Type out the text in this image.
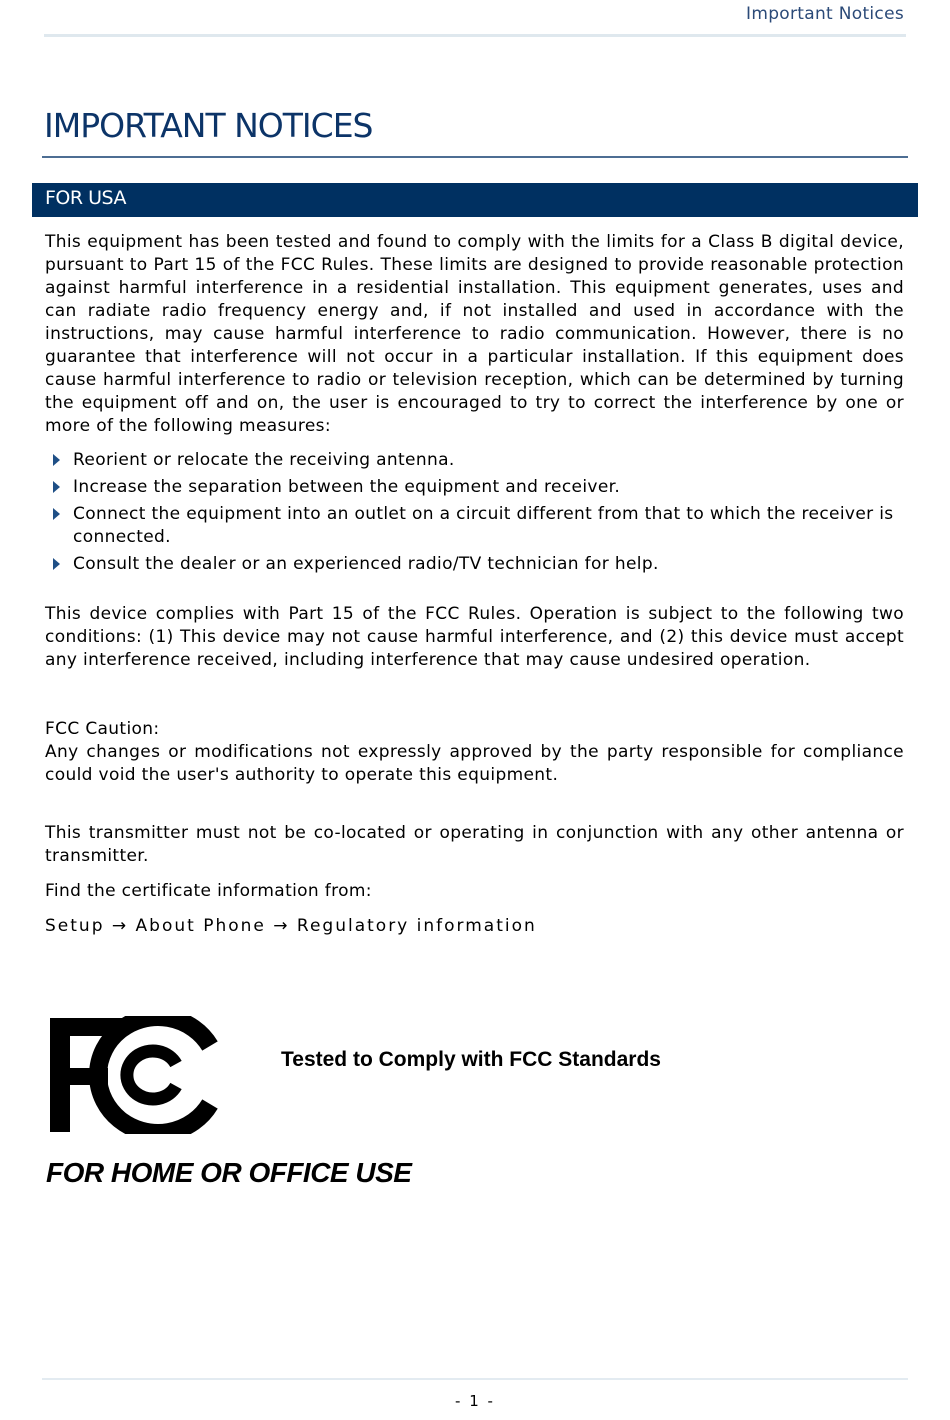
Important Notices
IMPORTANT NOTICES
FOR USA

This equipment has been tested and found to comply with the limits for a Class B digital device, pursuant to Part 15 of the FCC Rules. These limits are designed to provide reasonable protection against harmful interference in a residential installation. This equipment generates, uses and can radiate radio frequency energy and, if not installed and used in accordance with the instructions, may cause harmful interference to radio communication. However, there is no guarantee that interference will not occur in a particular installation. If this equipment does cause harmful interference to radio or television reception, which can be determined by turning the equipment off and on, the user is encouraged to try to correct the interference by one or more of the following measures:

Reorient or relocate the receiving antenna.
Increase the separation between the equipment and receiver.
Connect the equipment into an outlet on a circuit different from that to which the receiver is connected.
Consult the dealer or an experienced radio/TV technician for help.

This device complies with Part 15 of the FCC Rules. Operation is subject to the following two conditions: (1) This device may not cause harmful interference, and (2) this device must accept any interference received, including interference that may cause undesired operation.

FCC Caution:

Any changes or modifications not expressly approved by the party responsible for compliance could void the user's authority to operate this equipment.

This transmitter must not be co-located or operating in conjunction with any other antenna or transmitter.

Find the certificate information from:

Setup → About Phone → Regulatory information

Tested to Comply with FCC Standards
FOR HOME OR OFFICE USE
- 1 -
